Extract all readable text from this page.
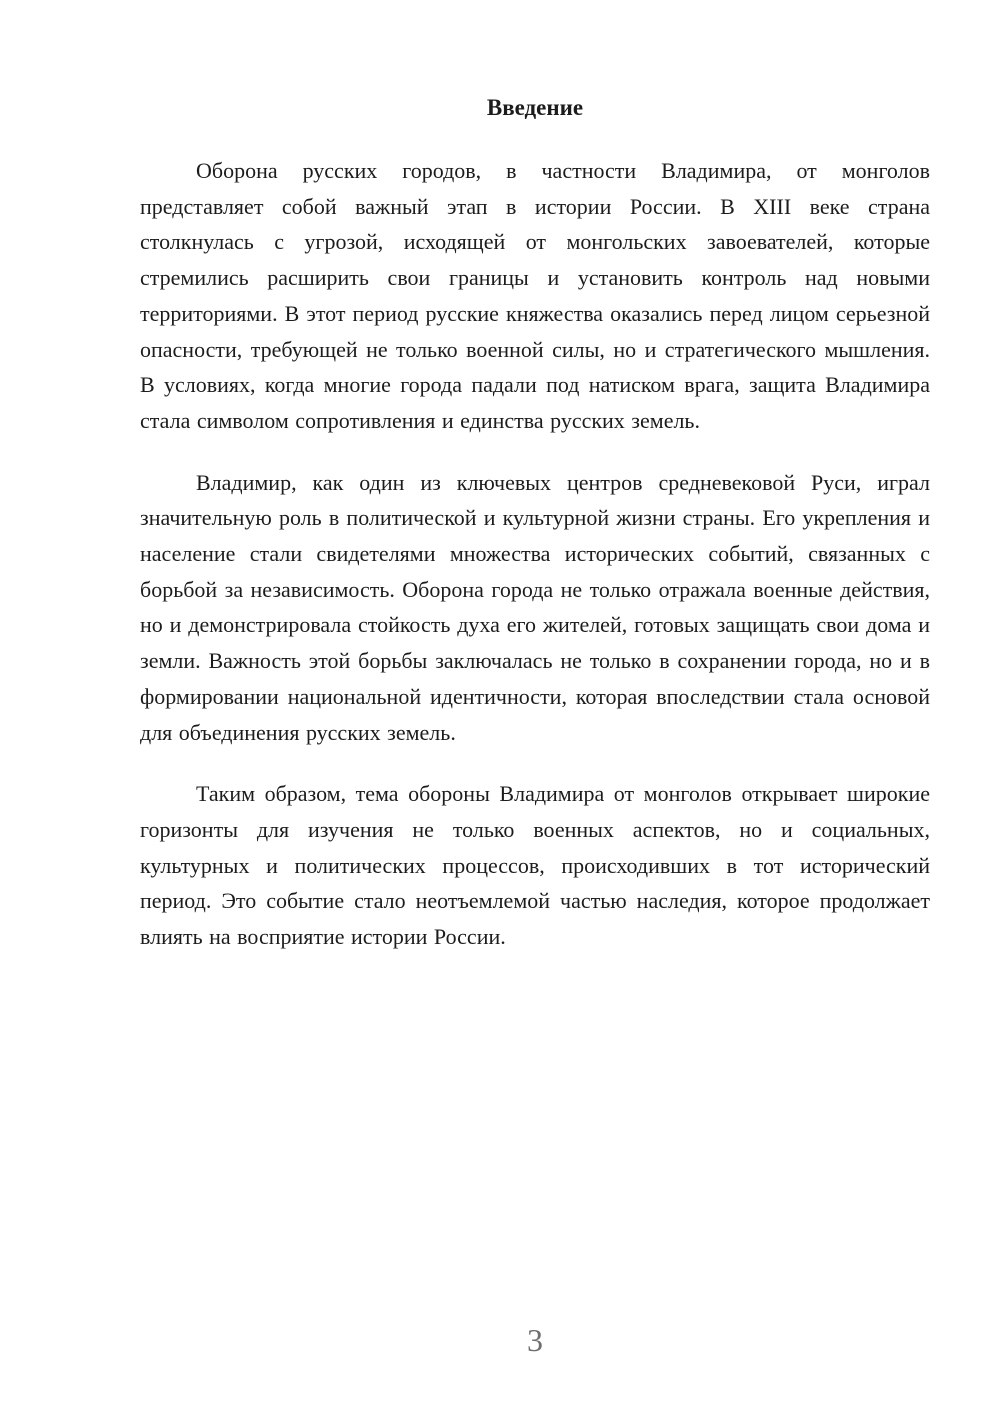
Введение

Оборона русских городов, в частности Владимира, от монголов представляет собой важный этап в истории России. В XIII веке страна столкнулась с угрозой, исходящей от монгольских завоевателей, которые стремились расширить свои границы и установить контроль над новыми территориями. В этот период русские княжества оказались перед лицом серьезной опасности, требующей не только военной силы, но и стратегического мышления. В условиях, когда многие города падали под натиском врага, защита Владимира стала символом сопротивления и единства русских земель.

Владимир, как один из ключевых центров средневековой Руси, играл значительную роль в политической и культурной жизни страны. Его укрепления и население стали свидетелями множества исторических событий, связанных с борьбой за независимость. Оборона города не только отражала военные действия, но и демонстрировала стойкость духа его жителей, готовых защищать свои дома и земли. Важность этой борьбы заключалась не только в сохранении города, но и в формировании национальной идентичности, которая впоследствии стала основой для объединения русских земель.

Таким образом, тема обороны Владимира от монголов открывает широкие горизонты для изучения не только военных аспектов, но и социальных, культурных и политических процессов, происходивших в тот исторический период. Это событие стало неотъемлемой частью наследия, которое продолжает влиять на восприятие истории России.

3
